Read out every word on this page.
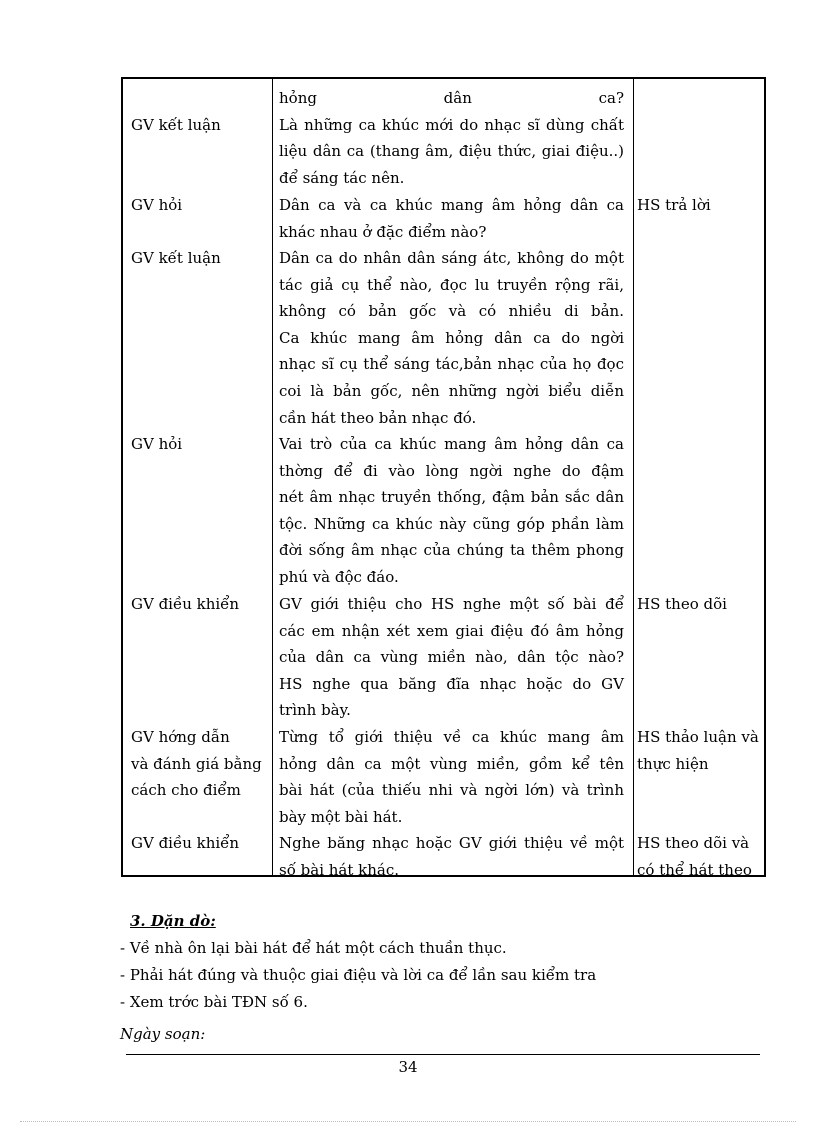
GV kết luận
GV hỏi
GV kết luận
GV hỏi
GV điều khiển
GV hớng dẫn
và đánh giá bằng
cách cho điểm
GV điều khiển
hỏng dân ca?
Là những ca khúc mới do nhạc sĩ dùng chất
liệu dân ca (thang âm, điệu thức, giai điệu..)
để sáng tác nên.
Dân ca và ca khúc mang âm hỏng dân ca
khác nhau ở đặc điểm nào?
Dân ca do nhân dân sáng átc, không do một
tác giả cụ thể nào, đọc lu truyền rộng rãi,
không có bản gốc và có nhiều di bản.
Ca khúc mang âm hỏng dân ca do ngời
nhạc sĩ cụ thể sáng tác,bản nhạc của họ đọc
coi là bản gốc, nên những ngời biểu diễn
cần hát theo bản nhạc đó.
Vai trò của ca khúc mang âm hỏng dân ca
thờng để đi vào lòng ngời nghe do đậm
nét âm nhạc truyền thống, đậm bản sắc dân
tộc. Những ca khúc này cũng góp phần làm
đời sống âm nhạc của chúng ta thêm phong
phú và độc đáo.
GV giới thiệu cho HS nghe một số bài để
các em nhận xét xem giai điệu đó âm hỏng
của dân ca vùng miền nào, dân tộc nào?
HS nghe qua băng đĩa nhạc hoặc do GV
trình bày.
Từng tổ giới thiệu về ca khúc mang âm
hỏng dân ca một vùng miền, gồm kể tên
bài hát (của thiếu nhi và ngời lớn) và trình
bày một bài hát.
Nghe băng nhạc hoặc GV giới thiệu về một
số bài hát khác.
HS trả lời
HS theo dõi
HS thảo luận và
thực hiện
HS theo dõi và
có thể hát theo
3. Dặn dò:
- Về nhà ôn lại bài hát để hát một cách thuần thục.
- Phải hát đúng và thuộc giai điệu và lời ca để lần sau kiểm tra
- Xem trớc bài TĐN số 6.
Ngày soạn:
34
